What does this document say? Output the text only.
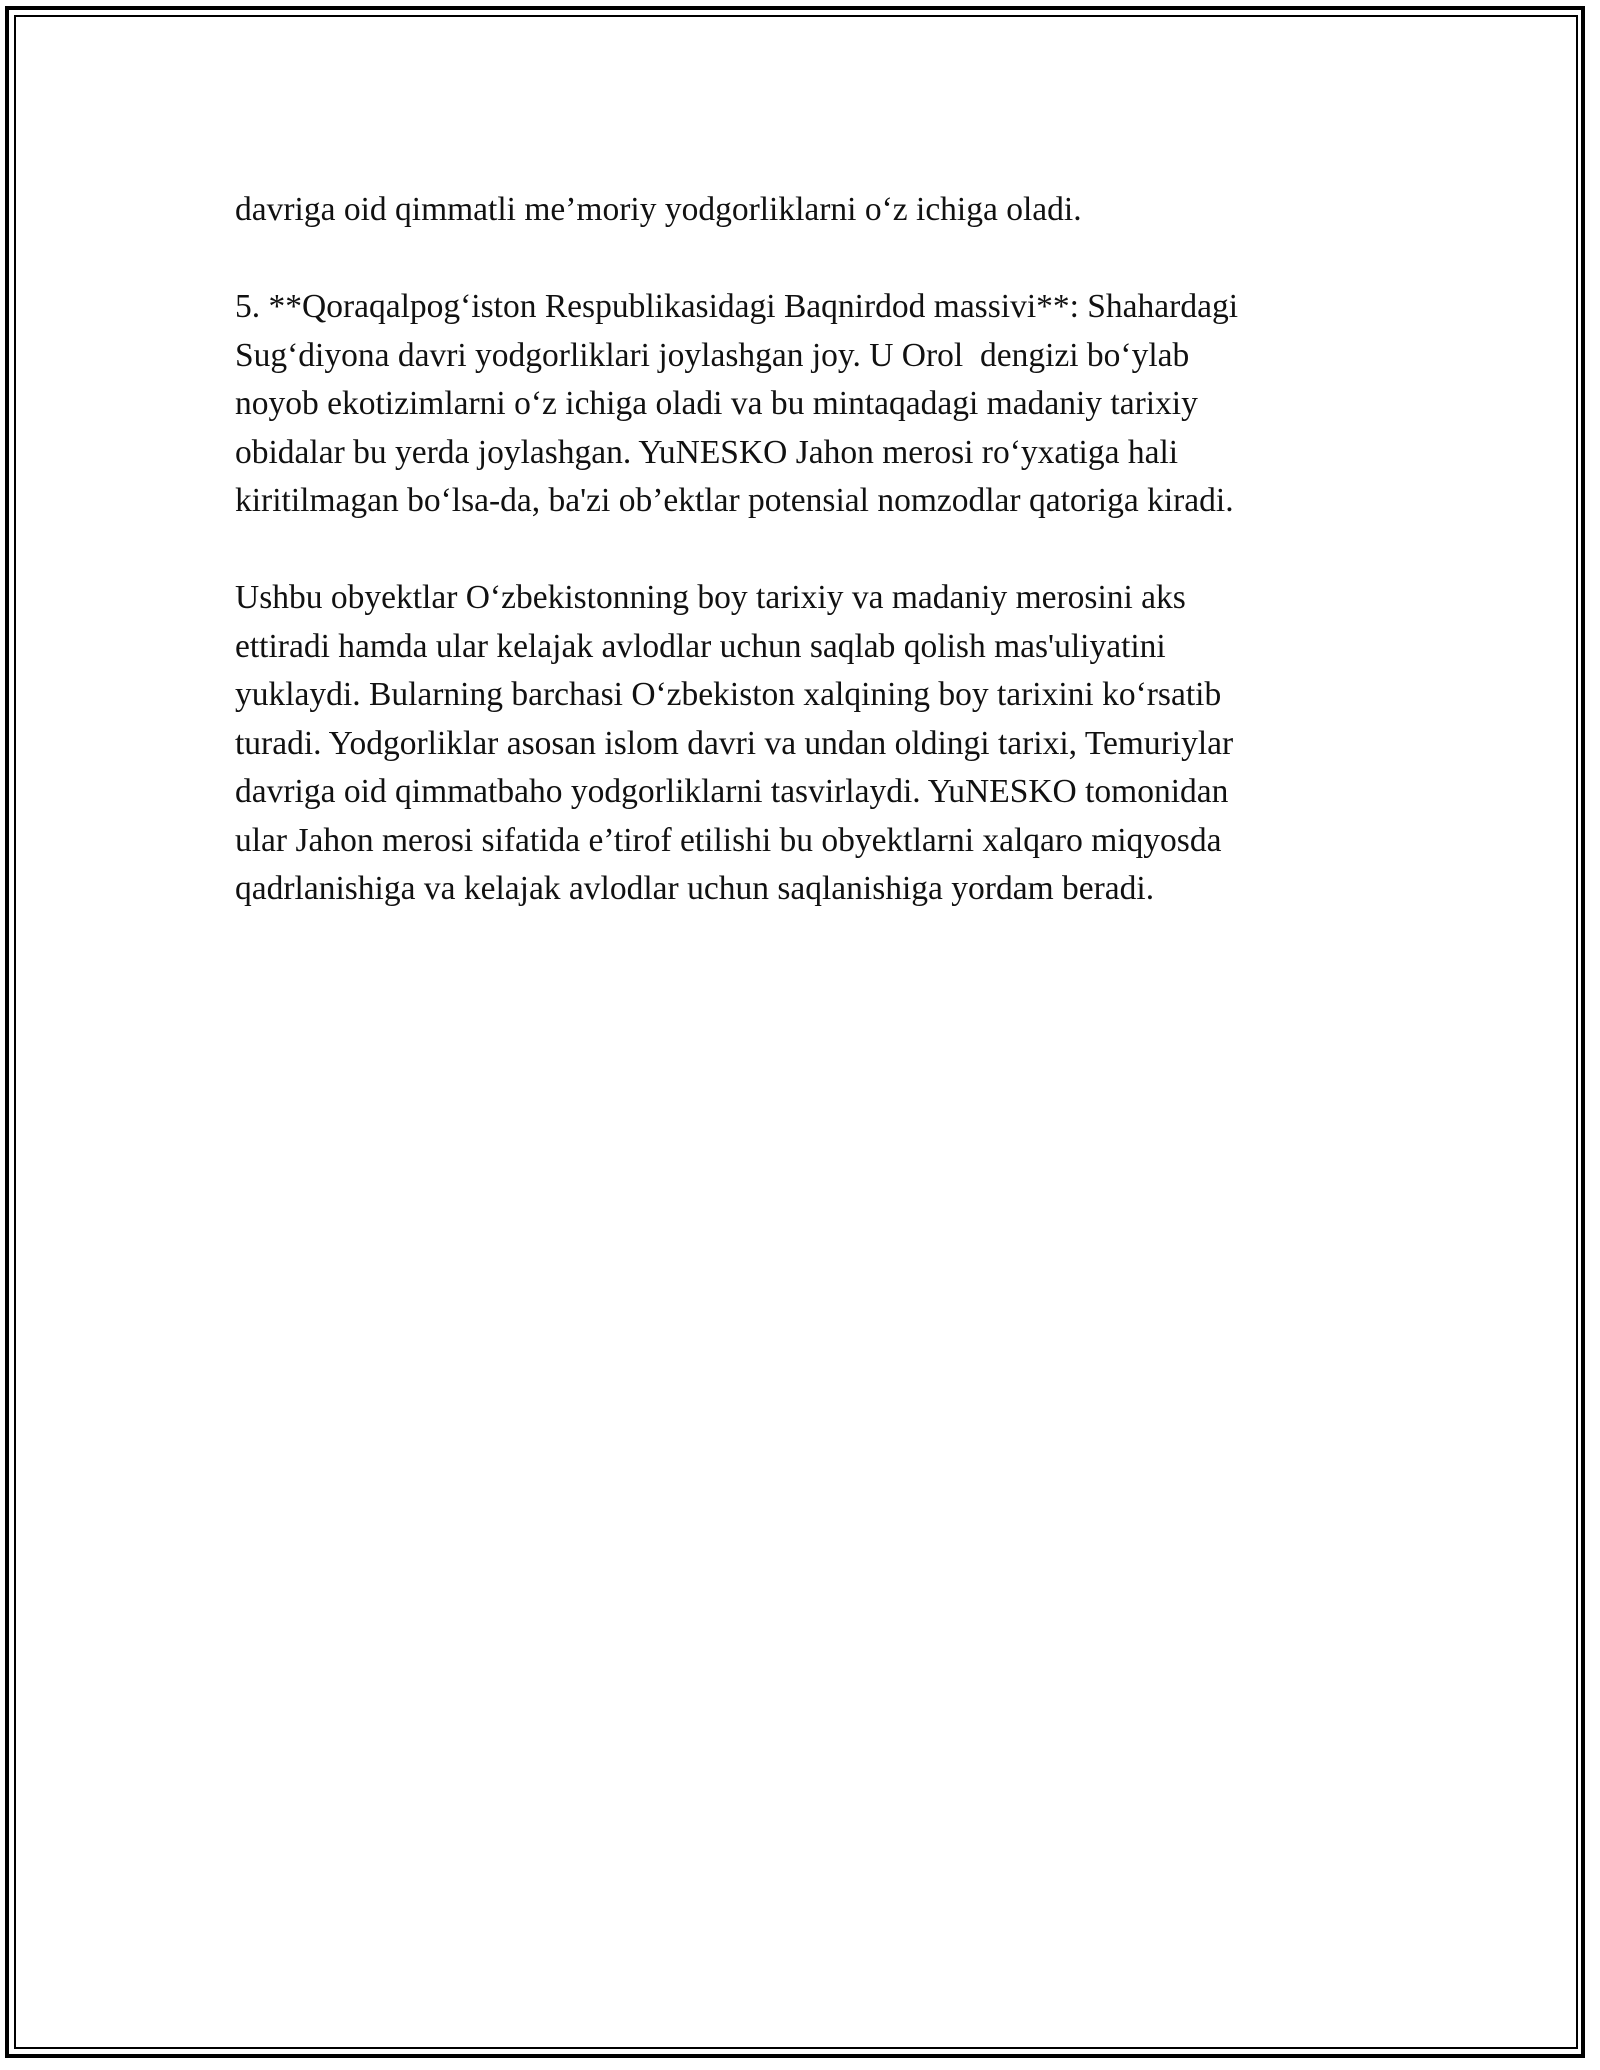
davriga oid qimmatli me’moriy yodgorliklarni o‘z ichiga oladi.

5. **Qoraqalpog‘iston Respublikasidagi Baqnirdod massivi**: Shahardagi
Sug‘diyona davri yodgorliklari joylashgan joy. U Orol  dengizi bo‘ylab
noyob ekotizimlarni o‘z ichiga oladi va bu mintaqadagi madaniy tarixiy
obidalar bu yerda joylashgan. YuNESKO Jahon merosi ro‘yxatiga hali
kiritilmagan bo‘lsa-da, ba'zi ob’ektlar potensial nomzodlar qatoriga kiradi.

Ushbu obyektlar O‘zbekistonning boy tarixiy va madaniy merosini aks
ettiradi hamda ular kelajak avlodlar uchun saqlab qolish mas'uliyatini
yuklaydi. Bularning barchasi O‘zbekiston xalqining boy tarixini ko‘rsatib
turadi. Yodgorliklar asosan islom davri va undan oldingi tarixi, Temuriylar
davriga oid qimmatbaho yodgorliklarni tasvirlaydi. YuNESKO tomonidan
ular Jahon merosi sifatida e’tirof etilishi bu obyektlarni xalqaro miqyosda
qadrlanishiga va kelajak avlodlar uchun saqlanishiga yordam beradi.
